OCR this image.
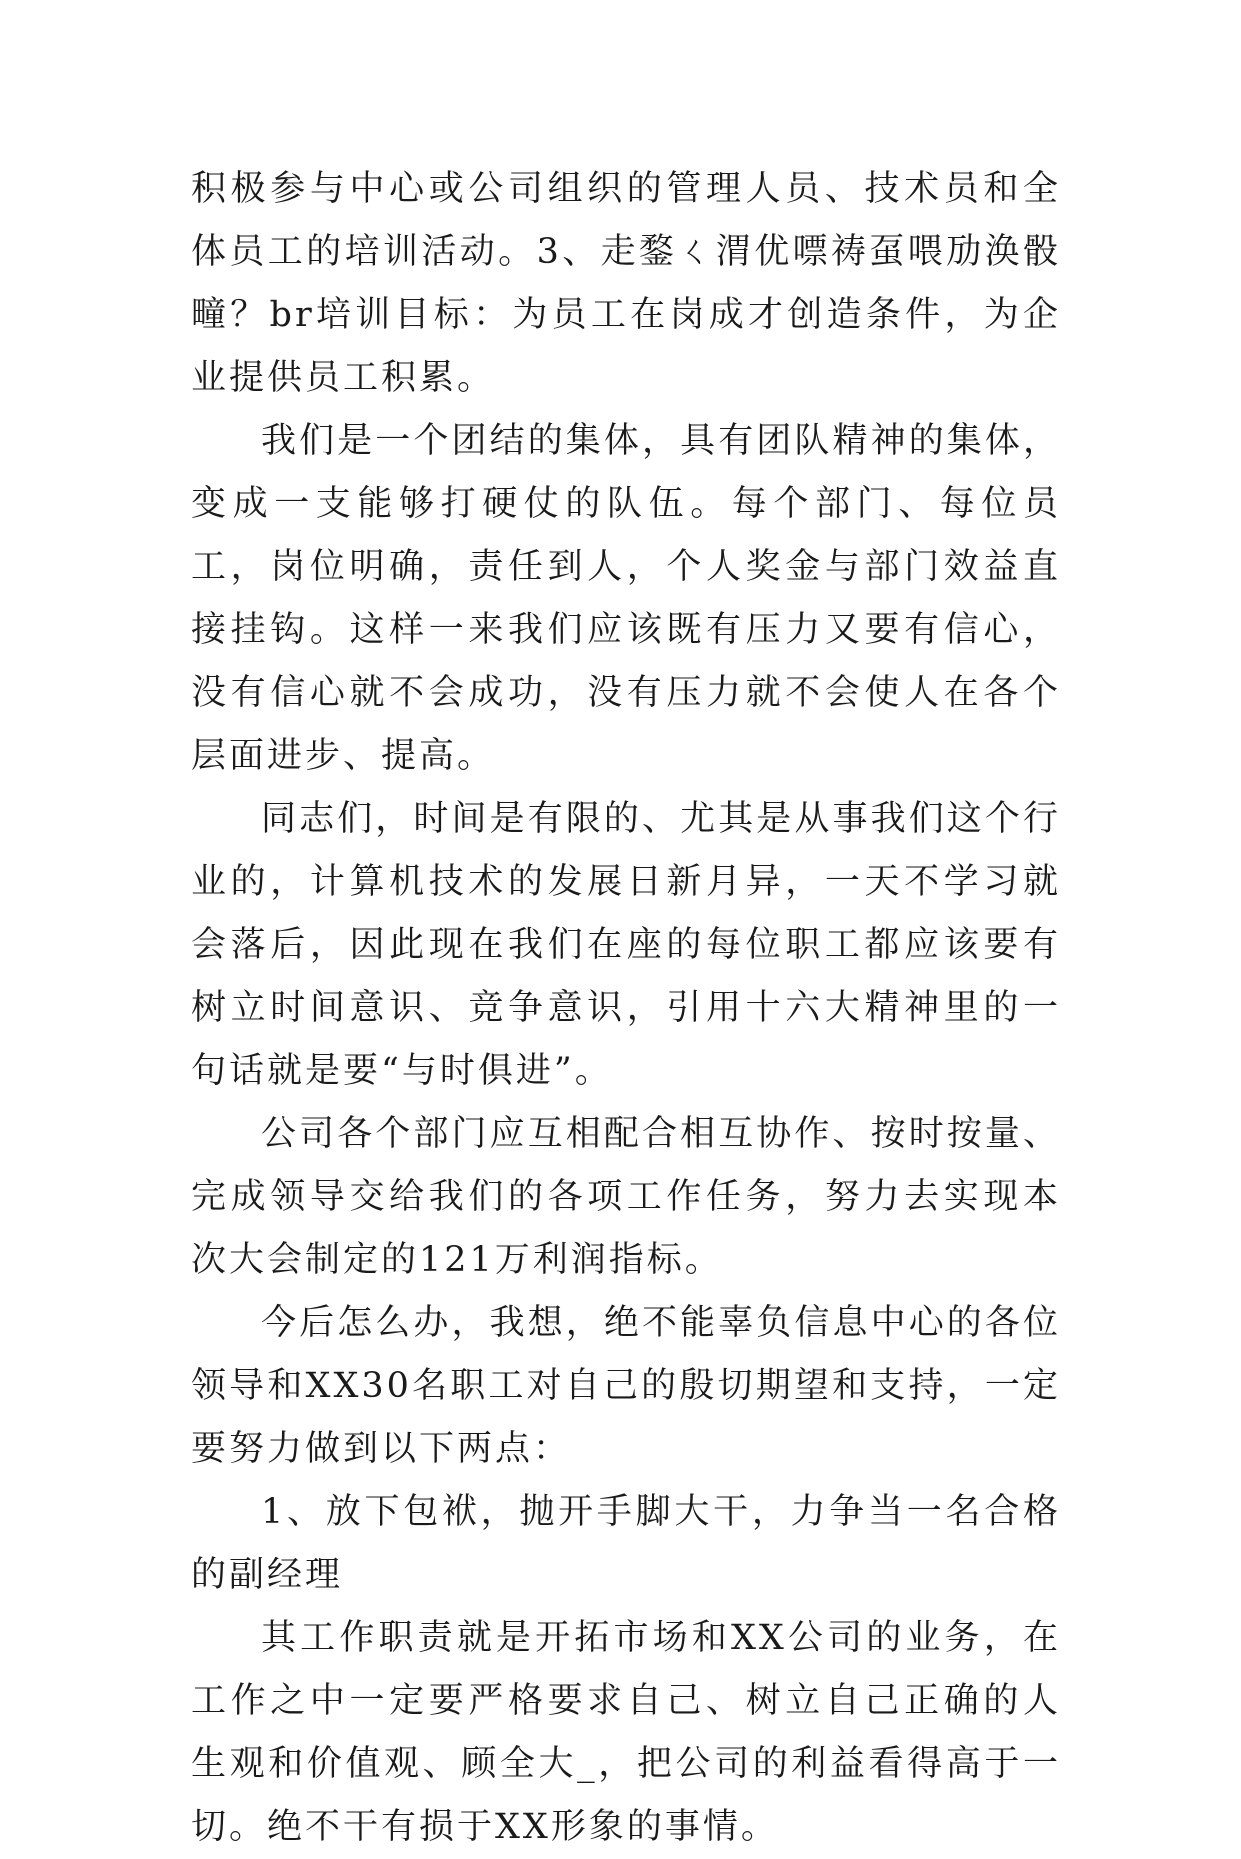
积极参与中心或公司组织的管理人员、技术员和全体员工的培训活动。3、走鍪ㄑ渭优嘌祷虿喂劢涣骰疃？br培训目标：为员工在岗成才创造条件，为企业提供员工积累。

我们是一个团结的集体，具有团队精神的集体，变成一支能够打硬仗的队伍。每个部门、每位员工，岗位明确，责任到人，个人奖金与部门效益直接挂钩。这样一来我们应该既有压力又要有信心，没有信心就不会成功，没有压力就不会使人在各个层面进步、提高。

同志们，时间是有限的、尤其是从事我们这个行业的，计算机技术的发展日新月异，一天不学习就会落后，因此现在我们在座的每位职工都应该要有树立时间意识、竞争意识，引用十六大精神里的一句话就是要“与时俱进”。

公司各个部门应互相配合相互协作、按时按量、完成领导交给我们的各项工作任务，努力去实现本次大会制定的121万利润指标。

今后怎么办，我想，绝不能辜负信息中心的各位领导和XX30名职工对自己的殷切期望和支持，一定要努力做到以下两点：

1、放下包袱，抛开手脚大干，力争当一名合格的副经理

其工作职责就是开拓市场和XX公司的业务，在工作之中一定要严格要求自己、树立自己正确的人生观和价值观、顾全大_，把公司的利益看得高于一切。绝不干有损于XX形象的事情。
